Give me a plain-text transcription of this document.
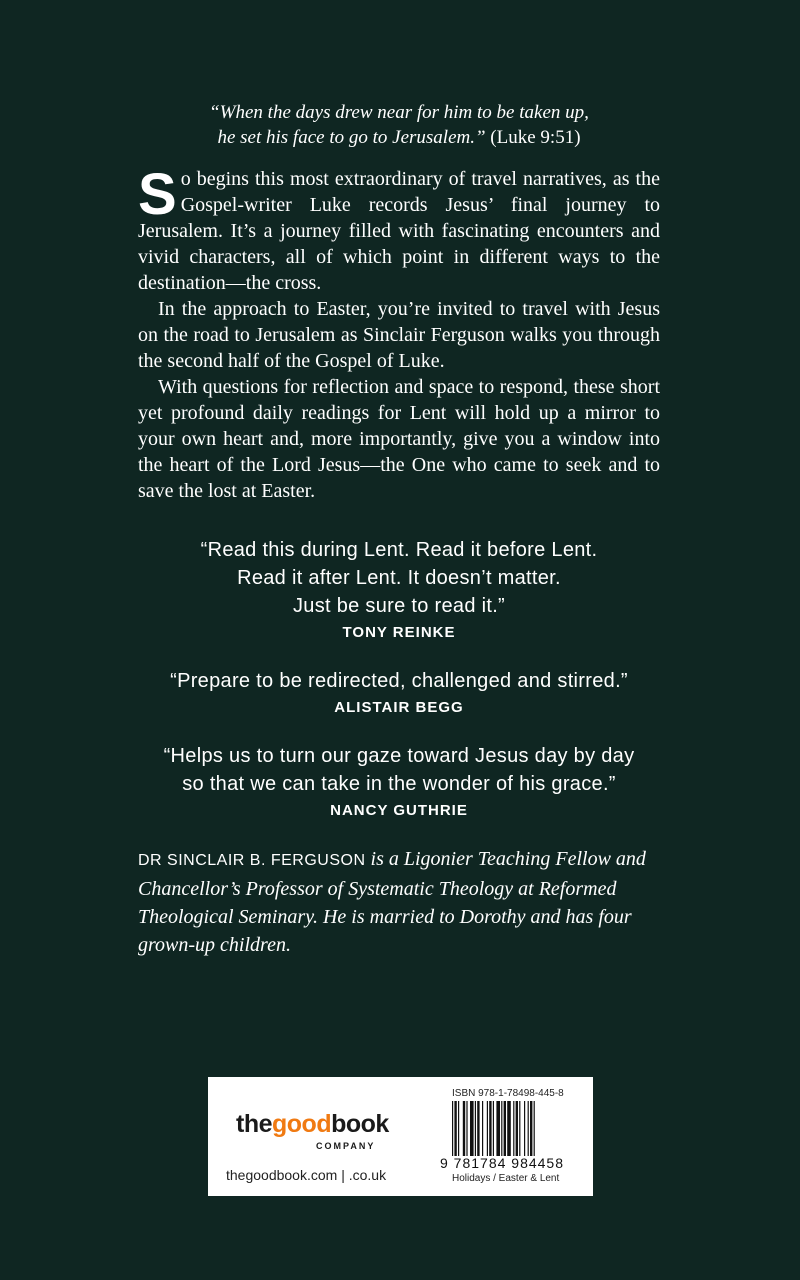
“When the days drew near for him to be taken up,
he set his face to go to Jerusalem.” (Luke 9:51)

So begins this most extraordinary of travel narratives, as the Gospel-writer Luke records Jesus’ final journey to Jerusalem. It’s a journey filled with fascinating encounters and vivid characters, all of which point in different ways to the destination—the cross.

In the approach to Easter, you’re invited to travel with Jesus on the road to Jerusalem as Sinclair Ferguson walks you through the second half of the Gospel of Luke.

With questions for reflection and space to respond, these short yet profound daily readings for Lent will hold up a mirror to your own heart and, more importantly, give you a window into the heart of the Lord Jesus—the One who came to seek and to save the lost at Easter.

“Read this during Lent. Read it before Lent.
Read it after Lent. It doesn’t matter.
Just be sure to read it.”
TONY REINKE
“Prepare to be redirected, challenged and stirred.”
ALISTAIR BEGG
“Helps us to turn our gaze toward Jesus day by day
so that we can take in the wonder of his grace.”
NANCY GUTHRIE

DR SINCLAIR B. FERGUSON is a Ligonier Teaching Fellow and Chancellor’s Professor of Systematic Theology at Reformed Theological Seminary. He is married to Dorothy and has four grown-up children.

thegoodbook
COMPANY
thegoodbook.com | .co.uk
ISBN 978-1-78498-445-8
9 781784 984458
Holidays / Easter & Lent
